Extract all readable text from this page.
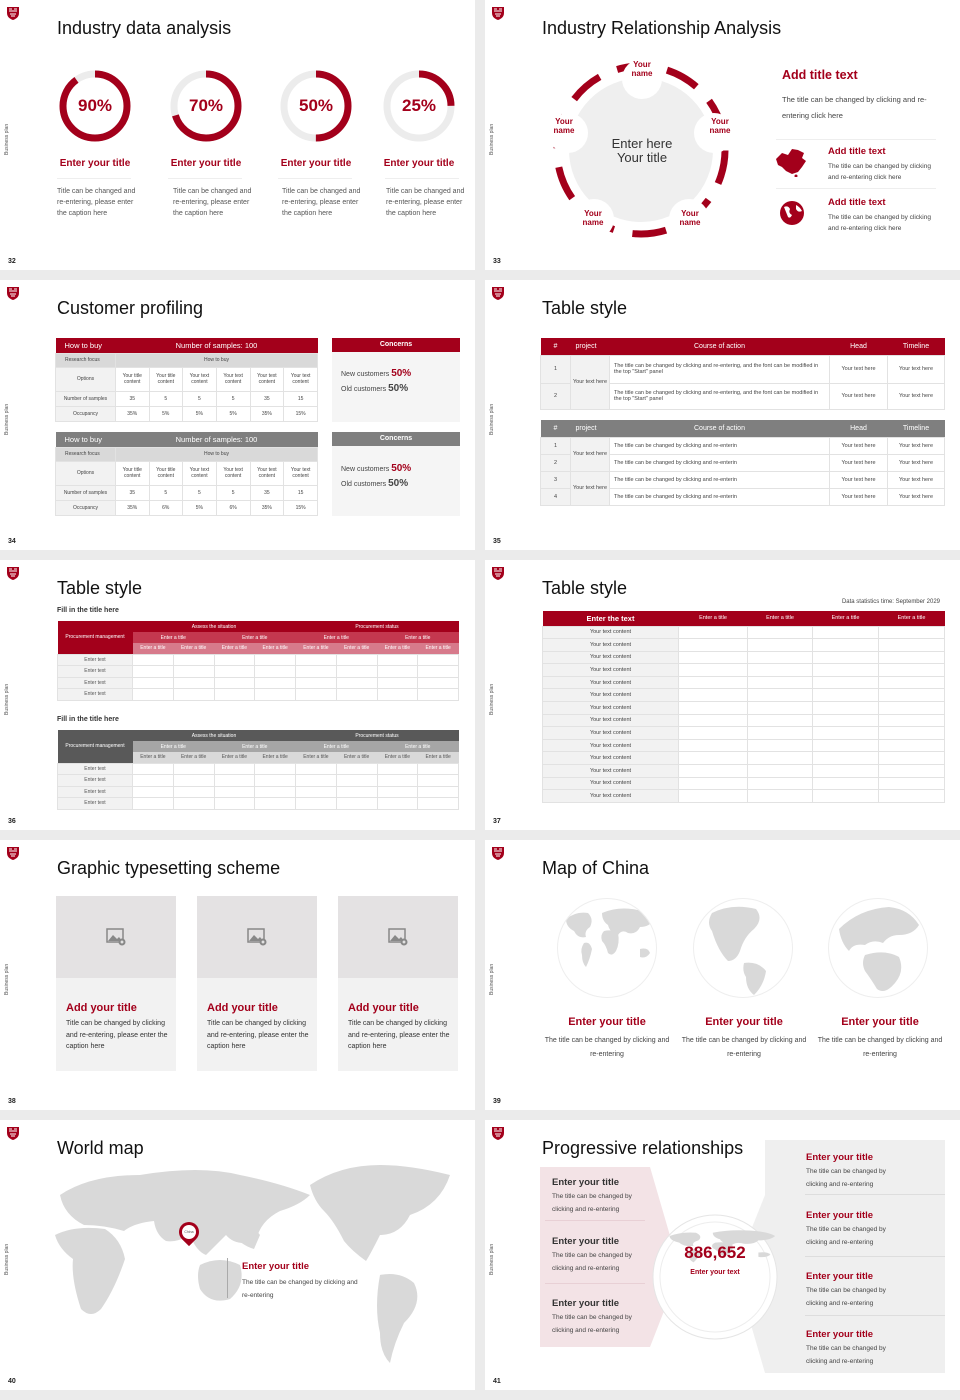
Business plan
Industry data analysis
90%	70%	50%	25%
Enter your title	Enter your title	Enter your title	Enter your title
Title can be changed and re-entering, please enter the caption here
Title can be changed and re-entering, please enter the caption here
Title can be changed and re-entering, please enter the caption here
Title can be changed and re-entering, please enter the caption here
32
Business plan
Industry Relationship Analysis
33
Your name
Your name
Your name
Your name
Your name
Enter here
Your title
Add title text
The title can be changed by clicking and re-entering click here
Add title text
The title can be changed by clicking and re-entering click here
Add title text
The title can be changed by clicking and re-entering click here
Business plan
Customer profiling
34
How to buy	Number of samples: 100					
Research focus	How to buy					
Options	Your title content	Your title content	Your text content	Your text content	Your text content	Your text content
Number of samples	35	5	5	5	35	15
Occupancy	35%	5%	5%	5%	35%	15%
Concerns
New customers 50%
Old customers 50%
How to buy	Number of samples: 100					
Research focus	How to buy					
Options	Your title content	Your title content	Your text content	Your text content	Your text content	Your text content
Number of samples	35	5	5	5	35	15
Occupancy	35%	6%	5%	6%	35%	15%
Concerns
New customers 50%
Old customers 50%
Business plan
Table style
35
#	project	Course of action	Head	Timeline
1	Your text here	The title can be changed by clicking and re-entering, and the font can be modified in the top "Start" panel	Your text here	Your text here
2		The title can be changed by clicking and re-entering, and the font can be modified in the top "Start" panel	Your text here	Your text here
#	project	Course of action	Head	Timeline
1	Your text here	The title can be changed by clicking and re-enterin	Your text here	Your text here
2		The title can be changed by clicking and re-enterin	Your text here	Your text here
3	Your text here	The title can be changed by clicking and re-enterin	Your text here	Your text here
4		The title can be changed by clicking and re-enterin	Your text here	Your text here
Business plan
Table style
36
Fill in the title here
Procurement management	Assess the situation				Procurement status			
	Enter a title		Enter a title		Enter a title		Enter a title	
	Enter a title	Enter a title	Enter a title	Enter a title	Enter a title	Enter a title	Enter a title	Enter a title
Enter text								
Enter text								
Enter text								
Enter text								
Fill in the title here
Procurement management	Assess the situation				Procurement status			
	Enter a title		Enter a title		Enter a title		Enter a title	
	Enter a title	Enter a title	Enter a title	Enter a title	Enter a title	Enter a title	Enter a title	Enter a title
Enter text								
Enter text								
Enter text								
Enter text								
Business plan
Table style
Data statistics time: September 2029
37
Enter the text	Enter a title	Enter a title	Enter a title	Enter a title
Your text content				
Your text content				
Your text content				
Your text content				
Your text content				
Your text content				
Your text content				
Your text content				
Your text content				
Your text content				
Your text content				
Your text content				
Your text content				
Your text content				
Business plan
Graphic typesetting scheme
38
Add your title
Title can be changed by clicking and re-entering, please enter the caption here
Add your title
Title can be changed by clicking and re-entering, please enter the caption here
Add your title
Title can be changed by clicking and re-entering, please enter the caption here
Business plan
Map of China
39
Enter your title
The title can be changed by clicking and re-entering
Enter your title
The title can be changed by clicking and re-entering
Enter your title
The title can be changed by clicking and re-entering
Business plan
World map
40
China
Enter your title
The title can be changed by clicking and re-entering
Business plan
41
Progressive relationships
886,652
Enter your text
Enter your title
The title can be changed by clicking and re-entering
Enter your title
The title can be changed by clicking and re-entering
Enter your title
The title can be changed by clicking and re-entering
Enter your title
The title can be changed by clicking and re-entering
Enter your title
The title can be changed by clicking and re-entering
Enter your title
The title can be changed by clicking and re-entering
Enter your title
The title can be changed by clicking and re-entering
